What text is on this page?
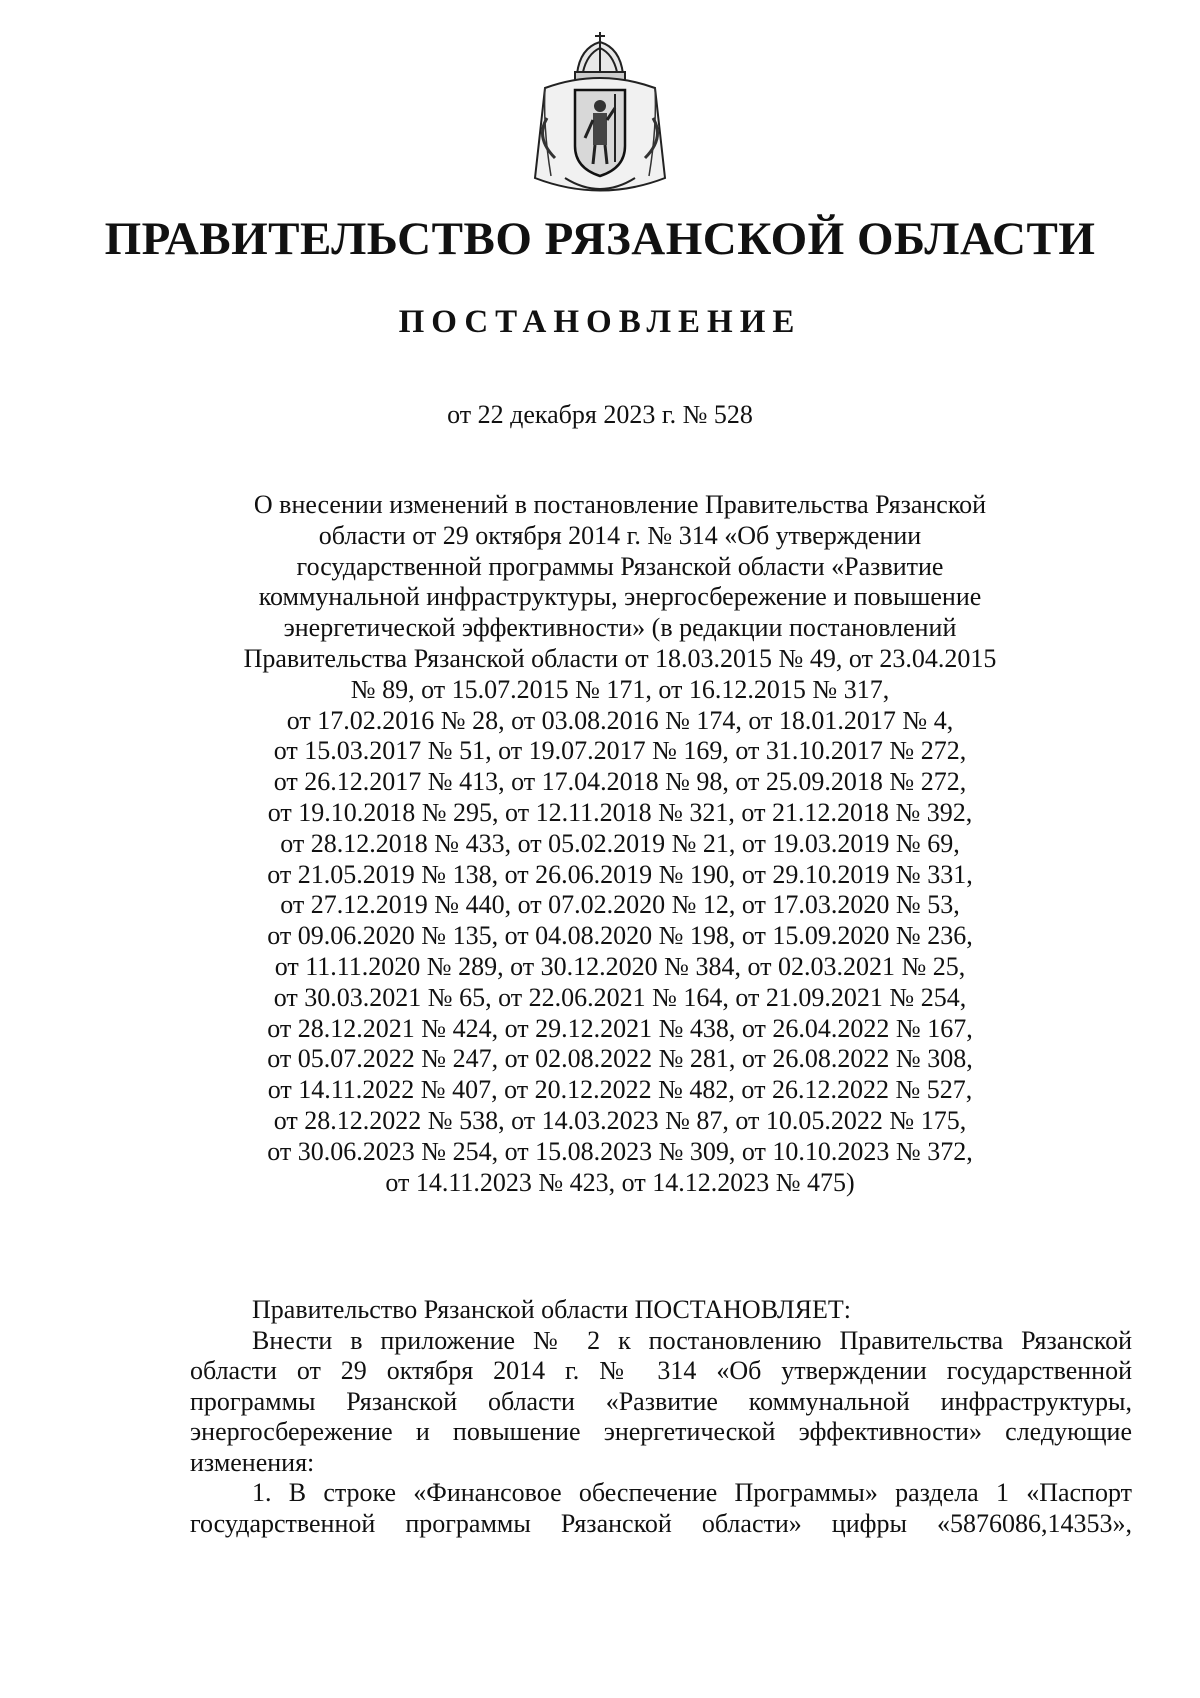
ПРАВИТЕЛЬСТВО РЯЗАНСКОЙ ОБЛАСТИ
ПОСТАНОВЛЕНИЕ
от 22 декабря 2023 г. № 528
О внесении изменений в постановление Правительства Рязанской
области от 29 октября 2014 г. № 314 «Об утверждении
государственной программы Рязанской области «Развитие
коммунальной инфраструктуры, энергосбережение и повышение
энергетической эффективности» (в редакции постановлений
Правительства Рязанской области от 18.03.2015 № 49, от 23.04.2015
№ 89, от 15.07.2015 № 171, от 16.12.2015 № 317,
от 17.02.2016 № 28, от 03.08.2016 № 174, от 18.01.2017 № 4,
от 15.03.2017 № 51, от 19.07.2017 № 169, от 31.10.2017 № 272,
от 26.12.2017 № 413, от 17.04.2018 № 98, от 25.09.2018 № 272,
от 19.10.2018 № 295, от 12.11.2018 № 321, от 21.12.2018 № 392,
от 28.12.2018 № 433, от 05.02.2019 № 21, от 19.03.2019 № 69,
от 21.05.2019 № 138, от 26.06.2019 № 190, от 29.10.2019 № 331,
от 27.12.2019 № 440, от 07.02.2020 № 12, от 17.03.2020 № 53,
от 09.06.2020 № 135, от 04.08.2020 № 198, от 15.09.2020 № 236,
от 11.11.2020 № 289, от 30.12.2020 № 384, от 02.03.2021 № 25,
от 30.03.2021 № 65, от 22.06.2021 № 164, от 21.09.2021 № 254,
от 28.12.2021 № 424, от 29.12.2021 № 438, от 26.04.2022 № 167,
от 05.07.2022 № 247, от 02.08.2022 № 281, от 26.08.2022 № 308,
от 14.11.2022 № 407, от 20.12.2022 № 482, от 26.12.2022 № 527,
от 28.12.2022 № 538, от 14.03.2023 № 87, от 10.05.2022 № 175,
от 30.06.2023 № 254, от 15.08.2023 № 309, от 10.10.2023 № 372,
от 14.11.2023 № 423, от 14.12.2023 № 475)
Правительство Рязанской области ПОСТАНОВЛЯЕТ:
Внести в приложение № 2 к постановлению Правительства Рязанской
области от 29 октября 2014 г. № 314 «Об утверждении государственной
программы Рязанской области «Развитие коммунальной инфраструктуры,
энергосбережение и повышение энергетической эффективности» следующие
изменения:
1. В строке «Финансовое обеспечение Программы» раздела 1 «Паспорт
государственной программы Рязанской области» цифры «5876086,14353»,
